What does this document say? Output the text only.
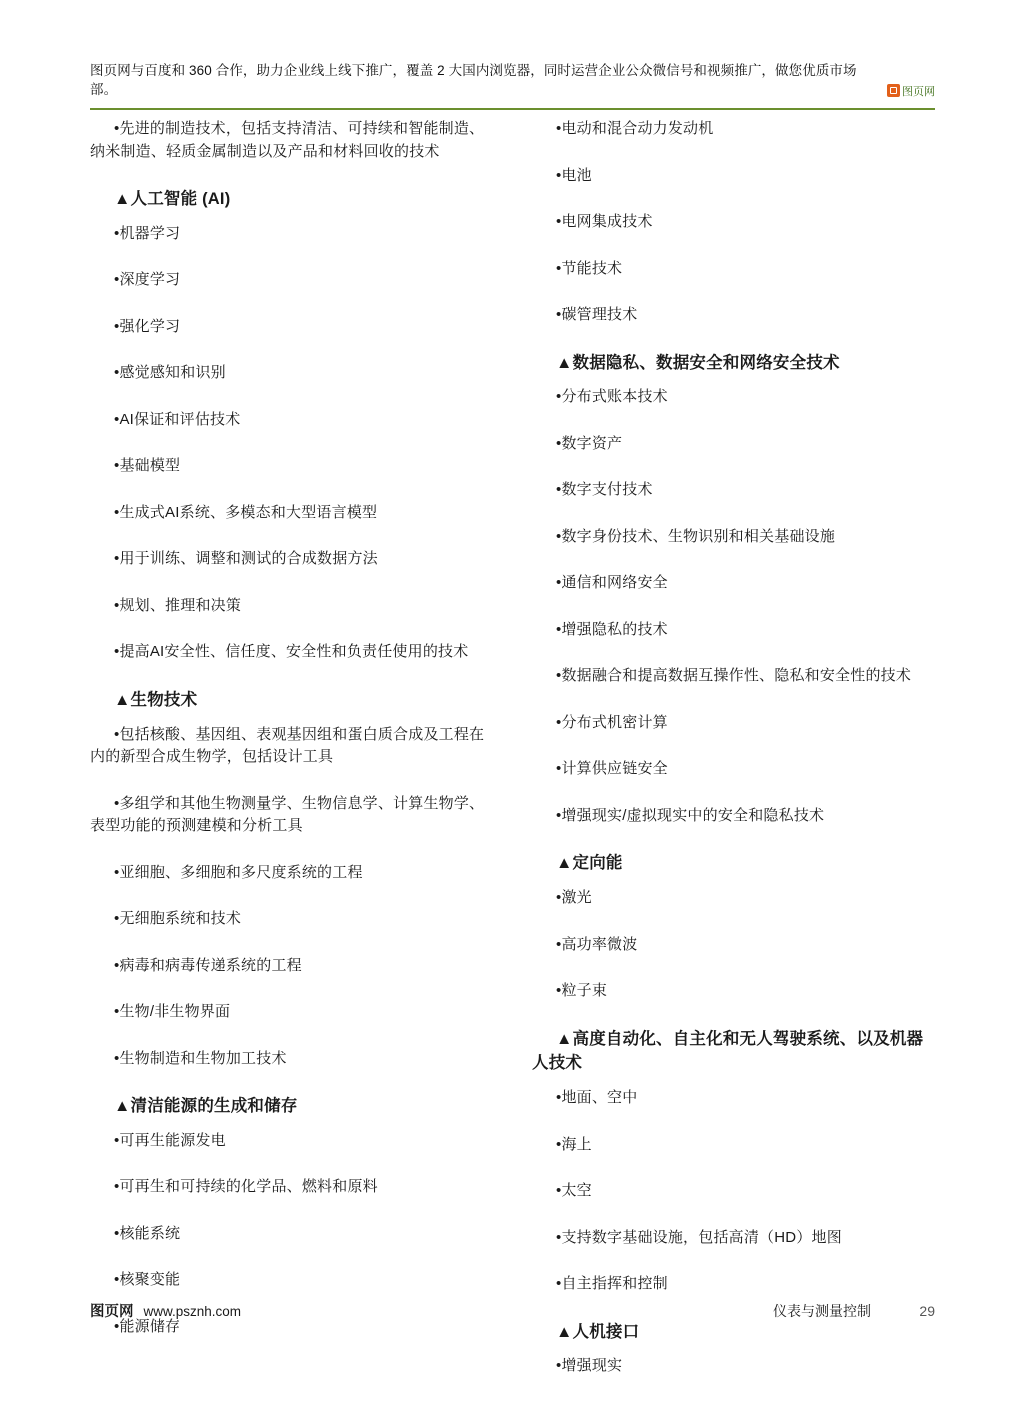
图页网与百度和 360 合作，助力企业线上线下推广，覆盖 2 大国内浏览器，同时运营企业公众微信号和视频推广，做您优质市场部。	图页网

•先进的制造技术，包括支持清洁、可持续和智能制造、纳米制造、轻质金属制造以及产品和材料回收的技术

▲人工智能 (AI)

•机器学习

•深度学习

•强化学习

•感觉感知和识别

•AI保证和评估技术

•基础模型

•生成式AI系统、多模态和大型语言模型

•用于训练、调整和测试的合成数据方法

•规划、推理和决策

•提高AI安全性、信任度、安全性和负责任使用的技术

▲生物技术

•包括核酸、基因组、表观基因组和蛋白质合成及工程在内的新型合成生物学，包括设计工具

•多组学和其他生物测量学、生物信息学、计算生物学、表型功能的预测建模和分析工具

•亚细胞、多细胞和多尺度系统的工程

•无细胞系统和技术

•病毒和病毒传递系统的工程

•生物/非生物界面

•生物制造和生物加工技术

▲清洁能源的生成和储存

•可再生能源发电

•可再生和可持续的化学品、燃料和原料

•核能系统

•核聚变能

•能源储存

•电动和混合动力发动机

•电池

•电网集成技术

•节能技术

•碳管理技术

▲数据隐私、数据安全和网络安全技术

•分布式账本技术

•数字资产

•数字支付技术

•数字身份技术、生物识别和相关基础设施

•通信和网络安全

•增强隐私的技术

•数据融合和提高数据互操作性、隐私和安全性的技术

•分布式机密计算

•计算供应链安全

•增强现实/虚拟现实中的安全和隐私技术

▲定向能

•激光

•高功率微波

•粒子束

▲高度自动化、自主化和无人驾驶系统、以及机器人技术

•地面、空中

•海上

•太空

•支持数字基础设施，包括高清（HD）地图

•自主指挥和控制

▲人机接口

•增强现实

图页网 www.psznh.com	仪表与测量控制	29
